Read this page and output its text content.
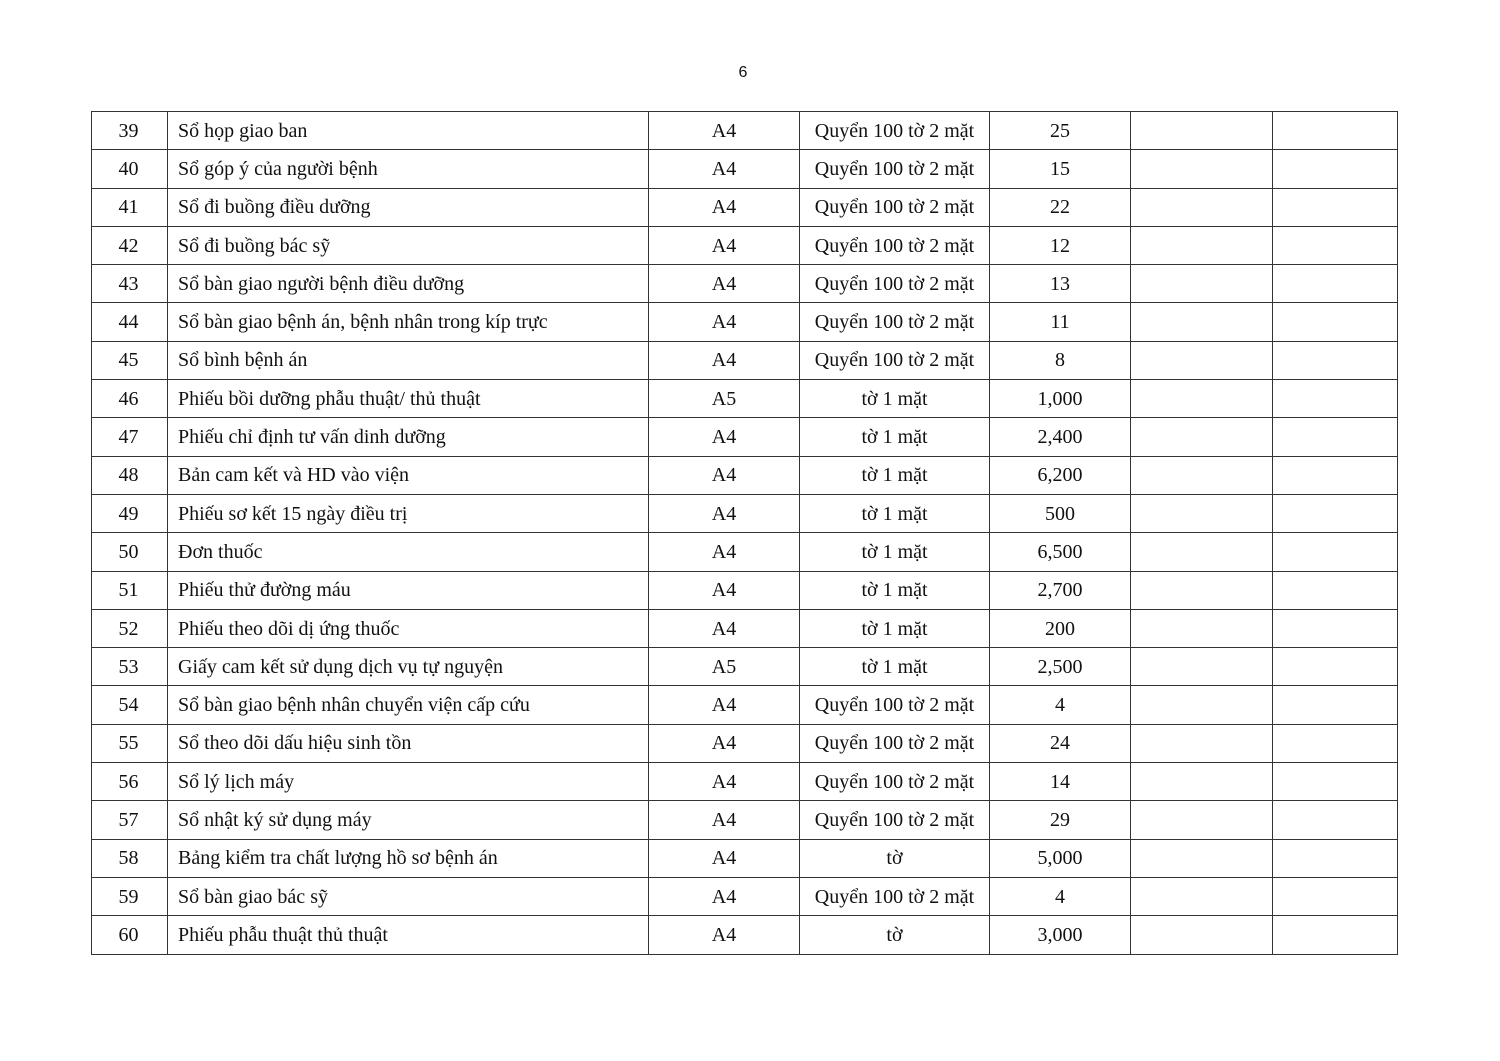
6
39	Sổ họp giao ban	A4	Quyển 100 tờ 2 mặt	25		
40	Sổ góp ý của người bệnh	A4	Quyển 100 tờ 2 mặt	15		
41	Sổ đi buồng điều dưỡng	A4	Quyển 100 tờ 2 mặt	22		
42	Sổ đi buồng bác sỹ	A4	Quyển 100 tờ 2 mặt	12		
43	Sổ bàn giao người bệnh điều dưỡng	A4	Quyển 100 tờ 2 mặt	13		
44	Sổ bàn giao bệnh án, bệnh nhân trong kíp trực	A4	Quyển 100 tờ 2 mặt	11		
45	Sổ bình bệnh án	A4	Quyển 100 tờ 2 mặt	8		
46	Phiếu bồi dưỡng phẫu thuật/ thủ thuật	A5	tờ 1 mặt	1,000		
47	Phiếu chỉ định tư vấn dinh dưỡng	A4	tờ 1 mặt	2,400		
48	Bản cam kết và HD vào viện	A4	tờ 1 mặt	6,200		
49	Phiếu sơ kết 15 ngày điều trị	A4	tờ 1 mặt	500		
50	Đơn thuốc	A4	tờ 1 mặt	6,500		
51	Phiếu thử đường máu	A4	tờ 1 mặt	2,700		
52	Phiếu theo dõi dị ứng thuốc	A4	tờ 1 mặt	200		
53	Giấy cam kết sử dụng dịch vụ tự nguyện	A5	tờ 1 mặt	2,500		
54	Sổ bàn giao bệnh nhân chuyển viện cấp cứu	A4	Quyển 100 tờ 2 mặt	4		
55	Sổ theo dõi dấu hiệu sinh tồn	A4	Quyển 100 tờ 2 mặt	24		
56	Sổ lý lịch máy	A4	Quyển 100 tờ 2 mặt	14		
57	Sổ nhật ký sử dụng máy	A4	Quyển 100 tờ 2 mặt	29		
58	Bảng kiểm tra chất lượng hồ sơ bệnh án	A4	tờ	5,000		
59	Sổ bàn giao bác sỹ	A4	Quyển 100 tờ 2 mặt	4		
60	Phiếu phẫu thuật thủ thuật	A4	tờ	3,000		
